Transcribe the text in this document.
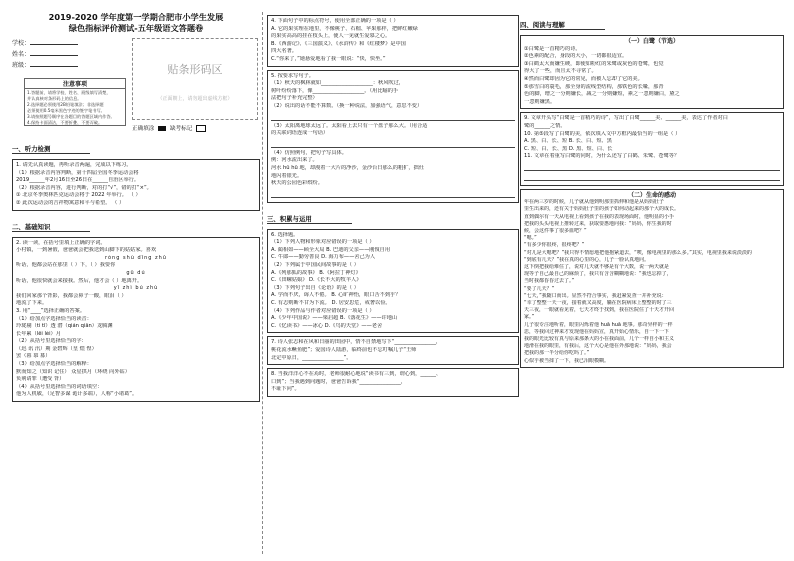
2019-2020 学年度第一学期合肥市小学生发展
绿色指标评价测试-五年级语文答题卷
学校：
姓名：
班级：	贴条形码区
（正面朝上，请勿超出虚线方框）
注意事项
1.答题前，请将学校、姓名、班级填写清楚，
并认真核对条形码上的信息。
2.选择题必须使用2B铅笔填涂；非选择题
必须使用0.5毫米黑色字迹的签字笔书写。
3.请按照题号顺序在各题目的答题区域内作答。
4.保持卡面清洁，不要折叠、不要弄破。
正确填涂	缺考标记
一、听力检测
1. 请先认真读题，再听录音两遍，完成以下练习。
（1）根据录音内容判断，第十四届全国冬季运动会将
2019______年2月16日至26日在______自治区举行。
（2）根据录音内容，进行判断，对的打“√”，错的打“×”。
① 北京冬季奥林匹克运动会将于 2022 年举行。 （ ）
② 此次运动会的吉祥物寓意和平与希望。 （ ）
二、基础知识
2. 读一读，在括号里填上正确的字词。
小村镇，一到暑假，爸爸就会把我送到山脚下的姑姑家。喜欢
róng shù dīng zhǔ
听话，他都会站在那里（ ）下，（ ）我要你
gū dú
听话，他很快就会来接我。然后，他才会（ ）地离开。
yī zhì bú zhù
我们回家那个背影，我都会鼻子一酸，眼泪（ ）
地流了下来。
3. 用“____”选择正确的答案。
（1）给加点字选择恰当的读音：
玲珑剔（tì tī）透 潜（qián qiǎn）龙腾渊
长年累（lěi lèi）月
（2）从括号里选择恰当的字：
（迅 讯 汛）期 金碧辉（皇 煌 惶）
罢（暮 慕 募）
（3）给加点字选择恰当的解释：
默而知之（知识 记住） 众星拱月（环绕 向外钻）
负荆请罪（遭受 背）
（4）从括号里选择恰当的词语填空：
他为人机敏，（足智多谋 诡计多端），人称“小诸葛”。
4. 下面句子中的标点符号，使用全部正确的一项是（ ）
A. 它的果实理在地里，不像桃子、石榴、苹果那样，把鲜红嫩绿
的果实高高的挂在枝头上，使人一见就生爱慕之心。
B.《西游记》、《三国演义》、《水浒传》和《红楼梦》是中国
四大名著。
C.“你来了，”她悬爱地看了我一眼说：“快，快坐。”
5. 按要求写句子。
（1）秋天的枫林就如____________________：秋风吹过，
树叶纷纷落下，像____________________。（用比喻的手
法把句子补充完整）
（2）说出的话不能不算数。（换一种说法，加强语气，意思不变）
（3）太阳离地球太远了。太阳看上去只有一个盘子那么大。（用合适
的关联词语连成一句话）
（4）仿照例句，把句子写具体。
例：河水流出来了。
河水 hū hū 地，却漫着一大片的净沙，金沙台日那么的粗犷，拙灶
地闪着银光。
秋天的公园色彩缤纷。
三、积累与运用
6. 选择题。
（1）下列人物和形象对应错误的一项是（ ）
A. 蔺相如——顾全大局 B. 巴迪的父亲——刚愎自用
C. 牛郎——勤劳善良 D. 海力布——舍己为人
（2）下列属于中国民间故事的是（ ）
A.《列那狐的故事》 B.《阿拉丁神灯》
C.《田螺姑娘》 D.《长不大的牧羊人》
（3）下列句子出自《论语》的是（ ）
A. 学而不厌，诲人不倦。 B. 心旷神怡，眼口舌不到乎？
C. 有志则断不甘为下流。 D. 居安思危，戒奢以俭。
（4）下列作品与作者对应错误的一项是（ ）
A.《少年中国说》——梁启超 B.《落花生》——许地山
C.《忆读书》——冰心 D.《鸟的天堂》——老舍
7. 诗人张志和在风和日丽的田园中，情不自禁地写下“________________，
桃花流水鳜鱼肥”；爱国诗人陆游，临终前也不忘叮嘱儿子“王师
北定中原日，________________”。
8. 当我洋洋心不在焉时，老师很耐心地说“读书有三到，谓心到，______、
口到”；当我遇到问题时，爸爸告诉我“________________，
不耻下问”。
四、阅读与理解
（一）白鹭（节选）
①白鹭是一首精巧的诗。
②色素的配合，身段的大小，一切都很适宜。
③白鹤太大而嫌生硬，即使如粉红的朱鹭或灰色的苍鹭，也觉
得大了一些，而且太不寻常了。
④然而白鹭却因为它的常见，而被人忘却了它的美。
⑤那雪白的蓑毛，那全身的流线型结构，那铁色的长喙，那青
色的脚，增之一分则嫌长，减之一分则嫌短，素之一忽则嫌白，黛之
一忽则嫌黑。
9. 文章开头写“白鹭是一首精巧的诗”，写出了白鹭______美、______美，表达了作者对白
鹭的______之情。
10. 第⑤段写了白鹭的美，依次填入文中方框内最恰当的一组是（ ）
A. 黑、白、长、短 B. 长、白、短、黑
C. 短、白、长、黑 D. 黑、短、白、长
11. 文章在着重写白鹭的同时，为什么还写了白鹤、朱鹭、苍鹭等？
（二）生命的感动
年在两三岁的时候，儿子就从他到明那里抓伸和他是从妈妈肚子
里生出来的，还有关于妈妈肚子里的孩子如何动起来的那个大的成长。
直到偶尔有一天从电视上看到孩子在我的表现场面时，他明显的小手
把我的头头电视上推转过来，获取要惠地问我：“妈妈，你生我的时
候，会这件事了很多血吧？”
“嗯。”
“有多少你很疼，很疼吧？”
“对儿是大嗯吧？”我只得不情愿地把他抱紧道去，“唉，像电视里的那么多。”其实，电视里我来说淡淡的
“到底有几天？”我在真的心里的心，儿子一脸认真地问。
这下倒把我给难住了，说对几天就不够是有个大数，说一两天就是
现等子自己最自己的麻烦了，我只有含含糊糊地说：“我也忘掉了，
当时我都昏昏过去了。”
“要了几天？”
“七天，”我随口而出。显然不符合事实，我赶紧复查一并补充说：
“幸了整整一天一夜，接着就又高度，躺在医院病床上整整的时了三
天三夜，一眼就看见着，七天才终于找到，我在医院住了十天才开回
家。”
儿子很专注地听着，眼里闪烁着他 huā huā 地事。那奇异样的一样
思，等我回过神来才发现他在妈妈宣，真开始心情乐，自一下一下
我的眼光比较有真与原来那条大的小在我面前，几个一样自小和主义
地滑在我的眼里，有我后，这个大心是他在外那地说：“妈妈，我会
把我的那一半分给你吃吗了。”
心似乎被当揉了一下，我已泪眼模糊。
